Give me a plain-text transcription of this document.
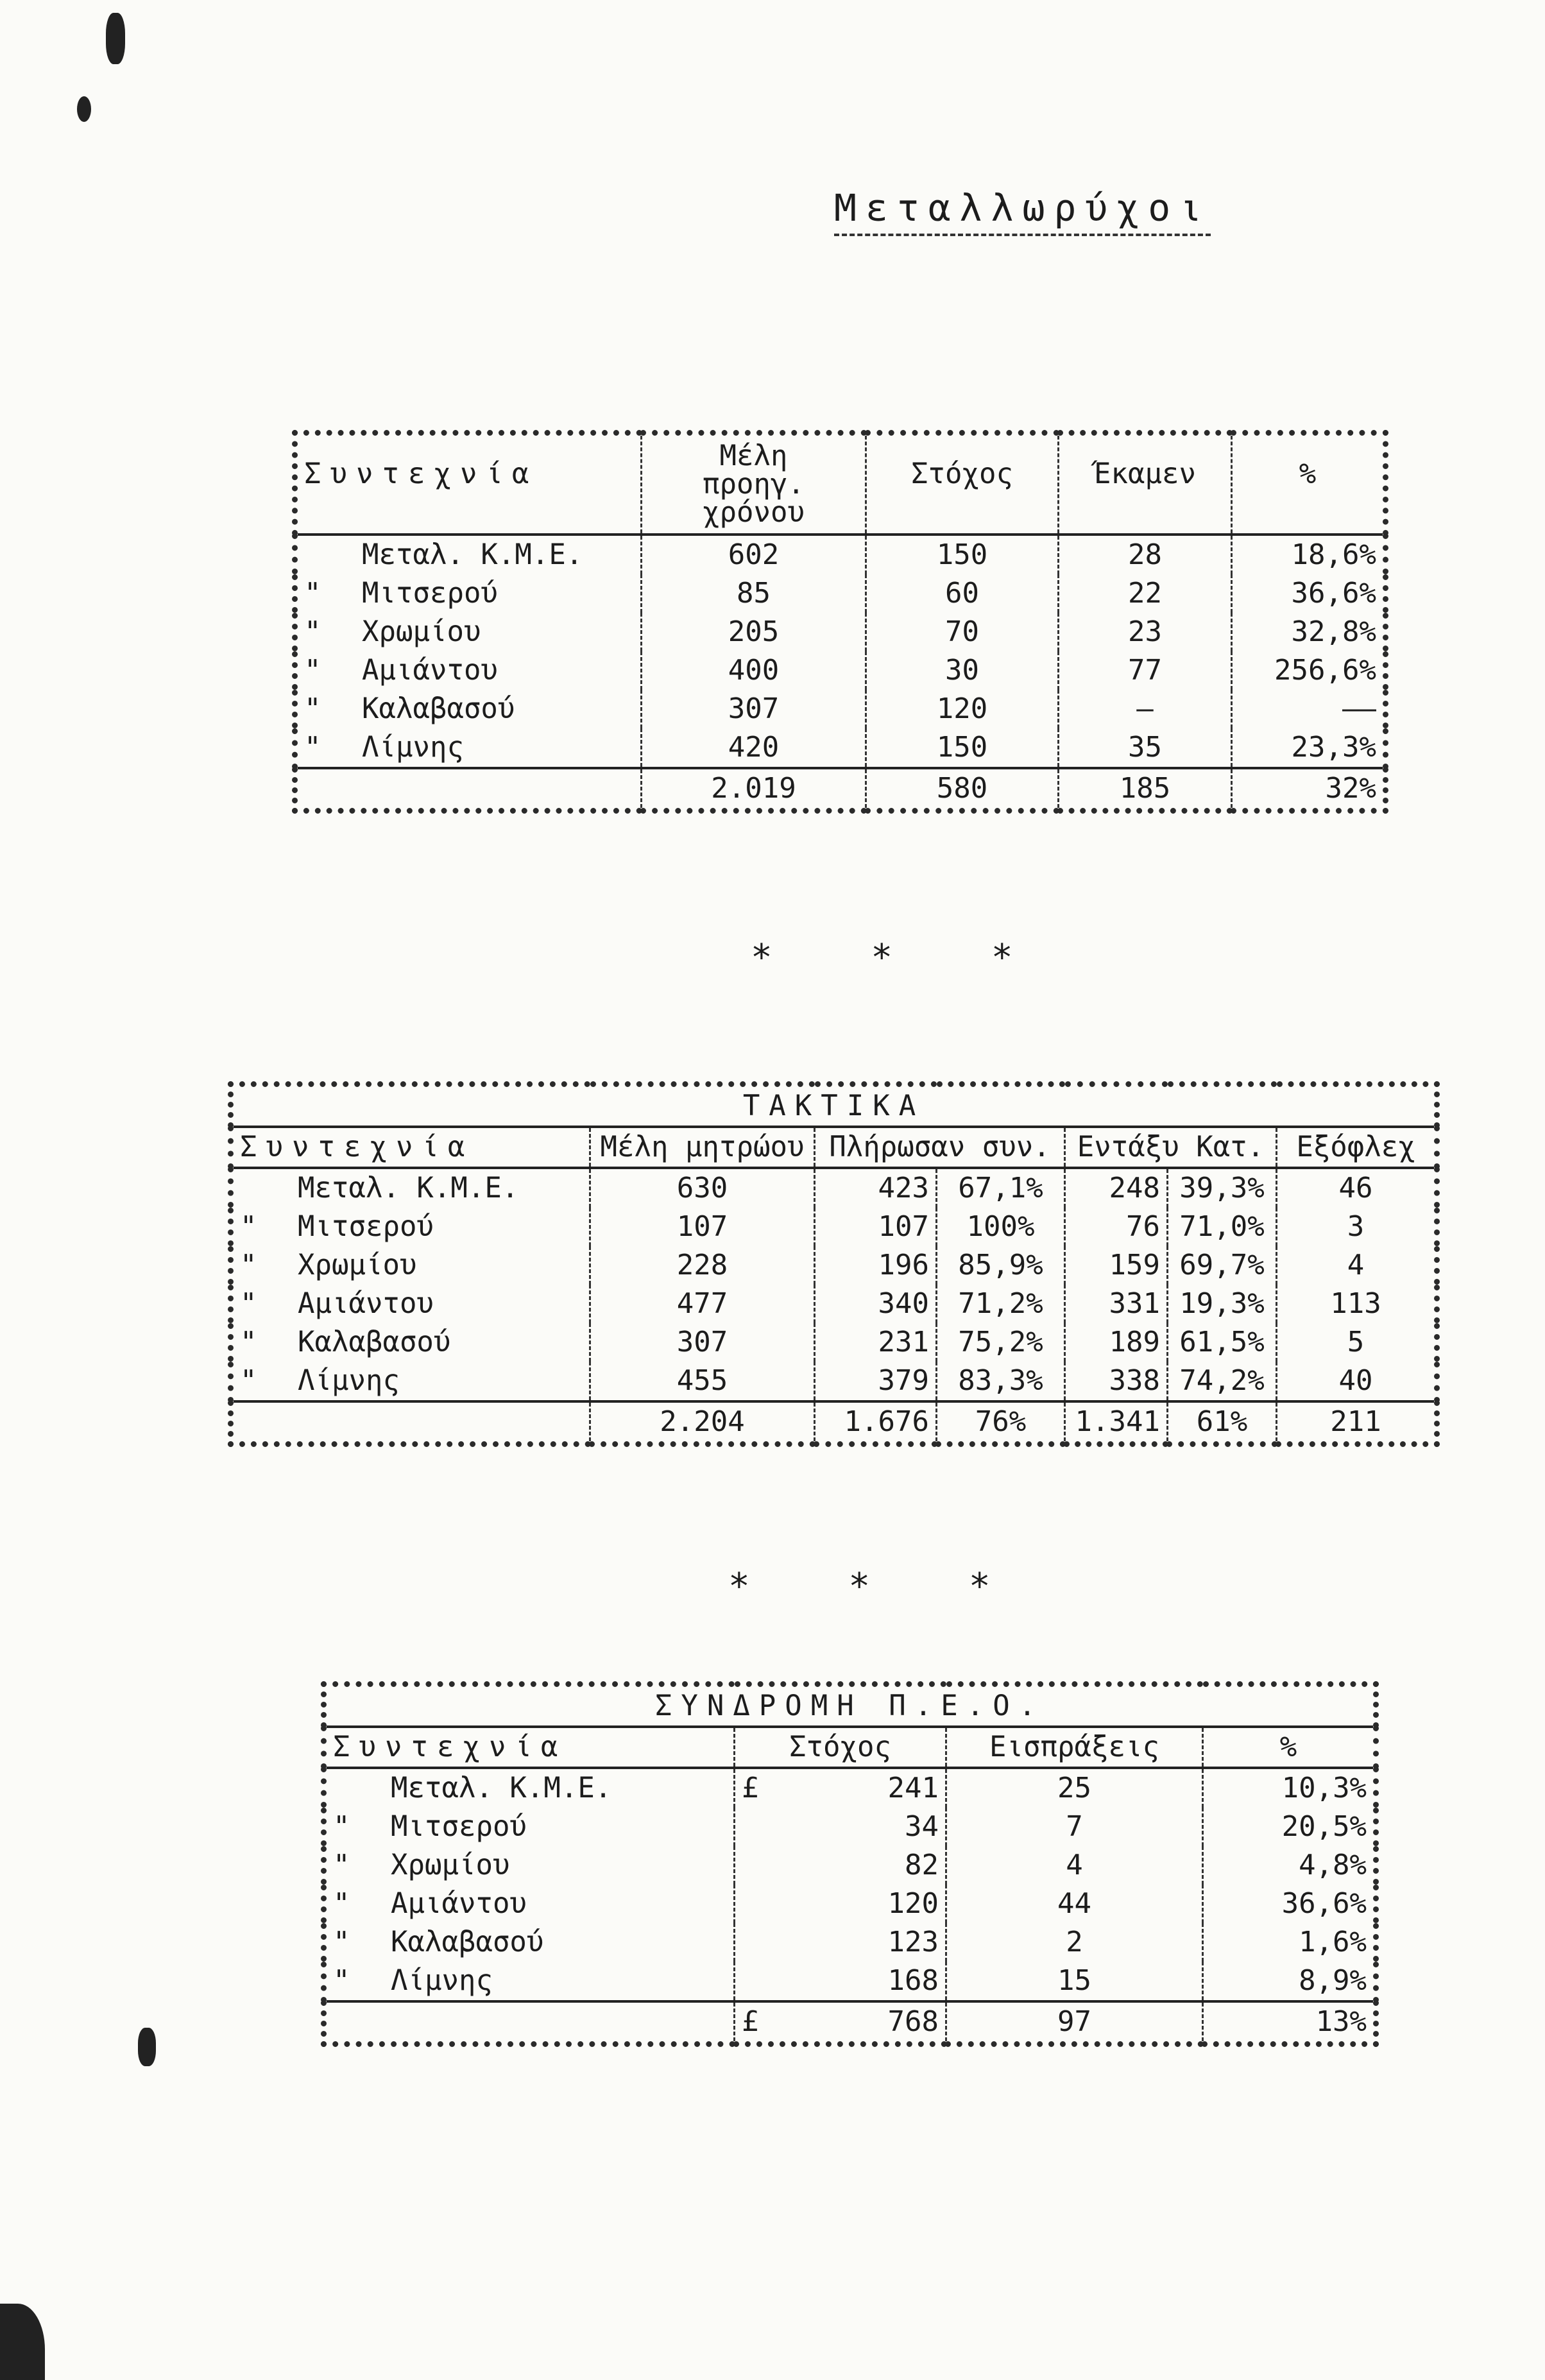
Μεταλλωρύχοι
Συντεχνία	Μέλη προηγ. χρόνου	Στόχος	Έκαμεν	%
Μεταλ. Κ.Μ.Ε.	602	150	28	18,6%
" Μιτσερού	85	60	22	36,6%
" Χρωμίου	205	70	23	32,8%
" Αμιάντου	400	30	77	256,6%
" Καλαβασού	307	120	—	——
" Λίμνης	420	150	35	23,3%
	2.019	580	185	32%
* * *
ΤΑΚΤΙΚΑ						
Συντεχνία	Μέλη μητρώου	Πλήρωσαν συν.		Εντάξυ Κατ.		Εξόφλεχ
Μεταλ. Κ.Μ.Ε.	630	423	67,1%	248	39,3%	46
" Μιτσερού	107	107	100%	76	71,0%	3
" Χρωμίου	228	196	85,9%	159	69,7%	4
" Αμιάντου	477	340	71,2%	331	19,3%	113
" Καλαβασού	307	231	75,2%	189	61,5%	5
" Λίμνης	455	379	83,3%	338	74,2%	40
	2.204	1.676	76%	1.341	61%	211
* * *
ΣΥΝΔΡΟΜΗ Π.Ε.Ο.			
Συντεχνία	Στόχος	Εισπράξεις	%
Μεταλ. Κ.Μ.Ε.	£ 241	25	10,3%
" Μιτσερού	34	7	20,5%
" Χρωμίου	82	4	4,8%
" Αμιάντου	120	44	36,6%
" Καλαβασού	123	2	1,6%
" Λίμνης	168	15	8,9%

	£ 768	97	13%
